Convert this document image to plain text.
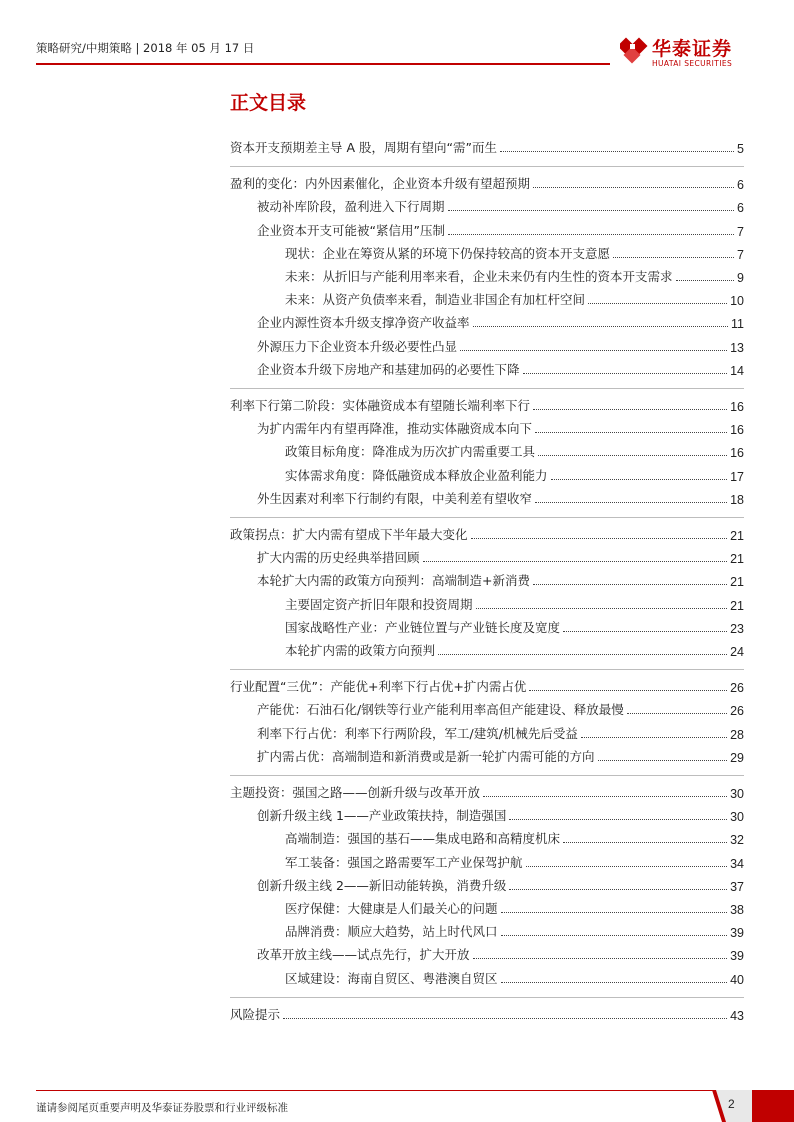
策略研究/中期策略 | 2018 年 05 月 17 日	华泰证券
HUATAI SECURITIES
正文目录
资本开支预期差主导 A 股，周期有望向“需”而生	5
盈利的变化：内外因素催化，企业资本升级有望超预期	6
被动补库阶段，盈利进入下行周期	6
企业资本开支可能被“紧信用”压制	7
现状：企业在筹资从紧的环境下仍保持较高的资本开支意愿	7
未来：从折旧与产能利用率来看，企业未来仍有内生性的资本开支需求	9
未来：从资产负债率来看，制造业非国企有加杠杆空间	10
企业内源性资本升级支撑净资产收益率	11
外源压力下企业资本升级必要性凸显	13
企业资本升级下房地产和基建加码的必要性下降	14
利率下行第二阶段：实体融资成本有望随长端利率下行	16
为扩内需年内有望再降准，推动实体融资成本向下	16
政策目标角度：降准成为历次扩内需重要工具	16
实体需求角度：降低融资成本释放企业盈利能力	17
外生因素对利率下行制约有限，中美利差有望收窄	18
政策拐点：扩大内需有望成下半年最大变化	21
扩大内需的历史经典举措回顾	21
本轮扩大内需的政策方向预判：高端制造+新消费	21
主要固定资产折旧年限和投资周期	21
国家战略性产业：产业链位置与产业链长度及宽度	23
本轮扩内需的政策方向预判	24
行业配置“三优”：产能优+利率下行占优+扩内需占优	26
产能优：石油石化/钢铁等行业产能利用率高但产能建设、释放最慢	26
利率下行占优：利率下行两阶段，军工/建筑/机械先后受益	28
扩内需占优：高端制造和新消费或是新一轮扩内需可能的方向	29
主题投资：强国之路——创新升级与改革开放	30
创新升级主线 1——产业政策扶持，制造强国	30
高端制造：强国的基石——集成电路和高精度机床	32
军工装备：强国之路需要军工产业保驾护航	34
创新升级主线 2——新旧动能转换，消费升级	37
医疗保健：大健康是人们最关心的问题	38
品牌消费：顺应大趋势，站上时代风口	39
改革开放主线——试点先行，扩大开放	39
区域建设：海南自贸区、粤港澳自贸区	40
风险提示	43
谨请参阅尾页重要声明及华泰证券股票和行业评级标准	2
